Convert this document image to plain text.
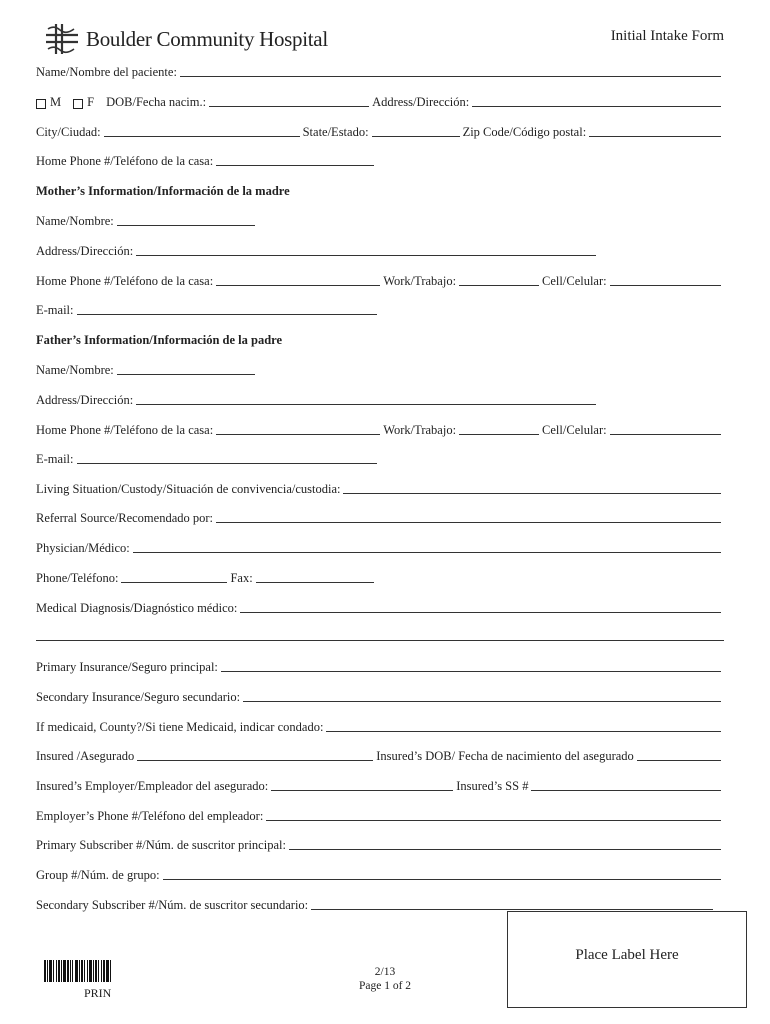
Boulder Community Hospital	Initial Intake Form
Name/Nombre del paciente:
M F DOB/Fecha nacim.:	Address/Dirección:
City/Ciudad:	State/Estado:	Zip Code/Código postal:
Home Phone #/Teléfono de la casa:
Mother’s Information/Información de la madre
Name/Nombre:
Address/Dirección:
Home Phone #/Teléfono de la casa:	Work/Trabajo:	Cell/Celular:
E-mail:
Father’s Information/Información de la padre
Name/Nombre:
Address/Dirección:
Home Phone #/Teléfono de la casa:	Work/Trabajo:	Cell/Celular:
E-mail:
Living Situation/Custody/Situación de convivencia/custodia:
Referral Source/Recomendado por:
Physician/Médico:
Phone/Teléfono:	Fax:
Medical Diagnosis/Diagnóstico médico:
Primary Insurance/Seguro principal:
Secondary Insurance/Seguro secundario:
If medicaid, County?/Si tiene Medicaid, indicar condado:
Insured /Asegurado	Insured’s DOB/ Fecha de nacimiento del asegurado
Insured’s Employer/Empleador del asegurado:	Insured’s SS #
Employer’s Phone #/Teléfono del empleador:
Primary Subscriber #/Núm. de suscritor principal:
Group #/Núm. de grupo:
Secondary Subscriber #/Núm. de suscritor secundario:
PRIN
2/13
Page 1 of 2
Place Label Here
